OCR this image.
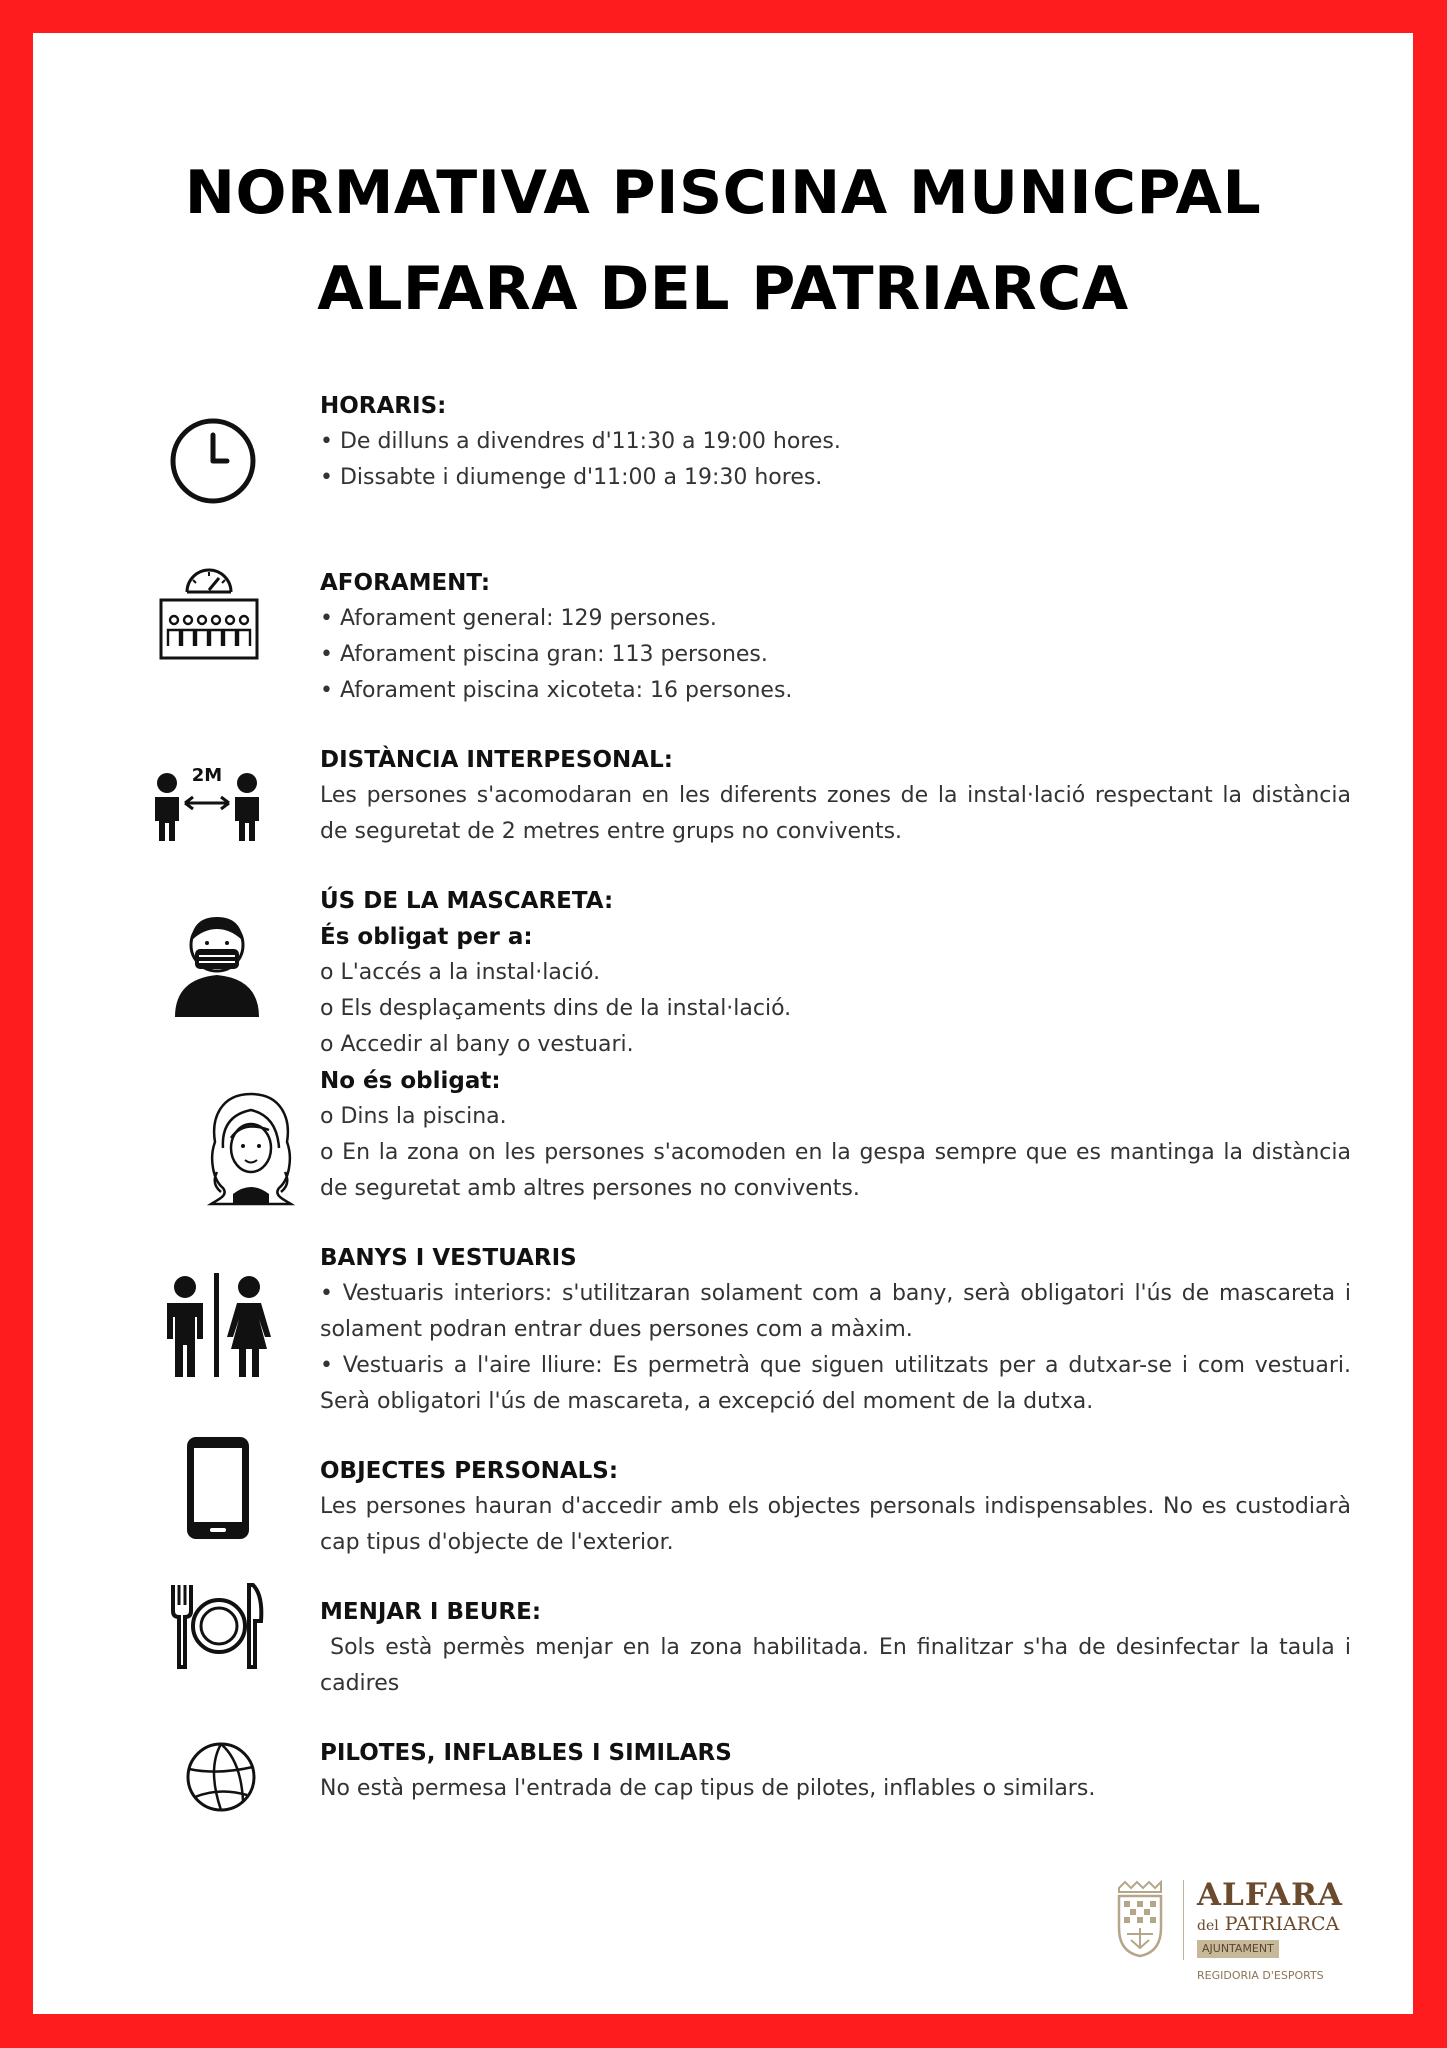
NORMATIVA PISCINA MUNICPAL
ALFARA DEL PATRIARCA
HORARIS:
• De dilluns a divendres d'11:30 a 19:00 hores.
• Dissabte i diumenge d'11:00 a 19:30 hores.
AFORAMENT:
• Aforament general: 129 persones.
• Aforament piscina gran: 113 persones.
• Aforament piscina xicoteta: 16 persones.
2M
DISTÀNCIA INTERPESONAL:
Les persones s'acomodaran en les diferents zones de la instal·lació respectant la distància de seguretat de 2 metres entre grups no convivents.
ÚS DE LA MASCARETA:
És obligat per a:
o L'accés a la instal·lació.
o Els desplaçaments dins de la instal·lació.
o Accedir al bany o vestuari.
No és obligat:
o Dins la piscina.
o En la zona on les persones s'acomoden en la gespa sempre que es mantinga la distància de seguretat amb altres persones no convivents.
BANYS I VESTUARIS
• Vestuaris interiors: s'utilitzaran solament com a bany, serà obligatori l'ús de mascareta i solament podran entrar dues persones com a màxim.
• Vestuaris a l'aire lliure: Es permetrà que siguen utilitzats per a dutxar-se i com vestuari. Serà obligatori l'ús de mascareta, a excepció del moment de la dutxa.
OBJECTES PERSONALS:
Les persones hauran d'accedir amb els objectes personals indispensables. No es custodiarà cap tipus d'objecte de l'exterior.
MENJAR I BEURE:
Sols està permès menjar en la zona habilitada. En finalitzar s'ha de desinfectar la taula i cadires
PILOTES, INFLABLES I SIMILARS
No està permesa l'entrada de cap tipus de pilotes, inflables o similars.
ALFARA
del PATRIARCA
AJUNTAMENT
REGIDORIA D'ESPORTS
